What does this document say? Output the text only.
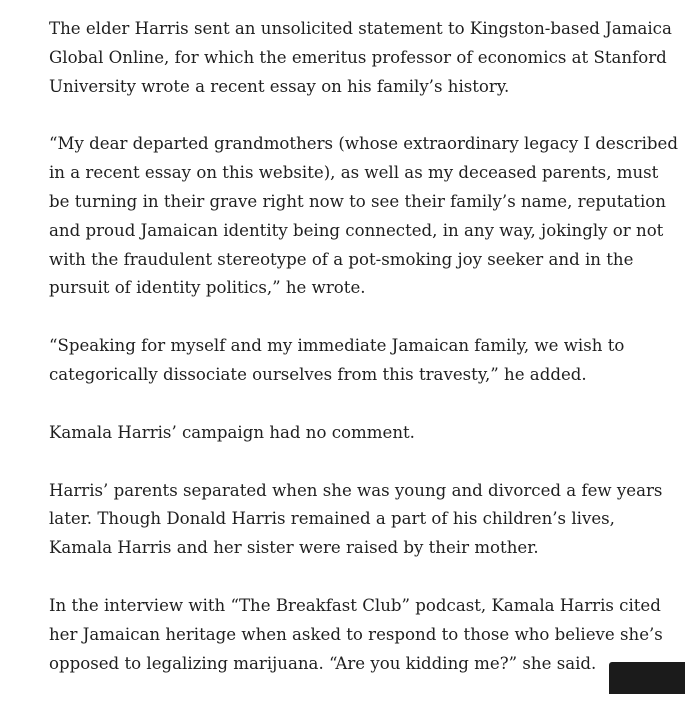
The elder Harris sent an unsolicited statement to Kingston-based Jamaica Global Online, for which the emeritus professor of economics at Stanford University wrote a recent essay on his family’s history.

“My dear departed grandmothers (whose extraordinary legacy I described in a recent essay on this website), as well as my deceased parents, must be turning in their grave right now to see their family’s name, reputation and proud Jamaican identity being connected, in any way, jokingly or not with the fraudulent stereotype of a pot-smoking joy seeker and in the pursuit of identity politics,” he wrote.

“Speaking for myself and my immediate Jamaican family, we wish to categorically dissociate ourselves from this travesty,” he added.

Kamala Harris’ campaign had no comment.

Harris’ parents separated when she was young and divorced a few years later. Though Donald Harris remained a part of his children’s lives, Kamala Harris and her sister were raised by their mother.

In the interview with “The Breakfast Club” podcast, Kamala Harris cited her Jamaican heritage when asked to respond to those who believe she’s opposed to legalizing marijuana. “Are you kidding me?” she said.
